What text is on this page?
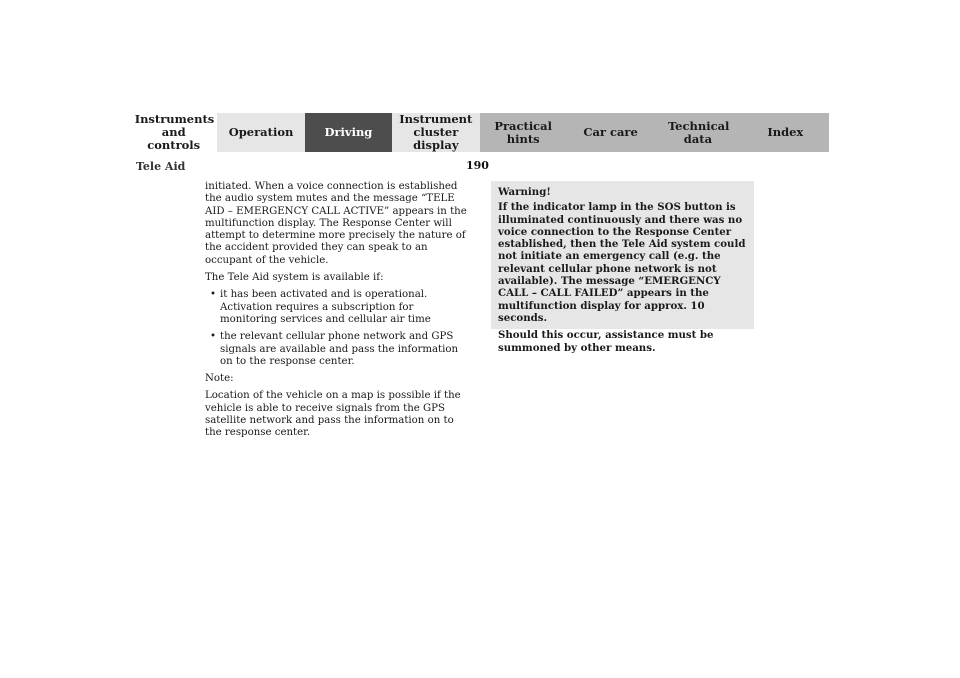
Instruments and controls
Operation	Driving
Instrument cluster display
Practical hints	Car care	Technical data	Index
Tele Aid	190

initiated. When a voice connection is established the audio system mutes and the message “TELE AID – EMERGENCY CALL ACTIVE” appears in the multifunction display. The Response Center will attempt to determine more precisely the nature of the accident provided they can speak to an occupant of the vehicle.

The Tele Aid system is available if:

• it has been activated and is operational. Activation requires a subscription for monitoring services and cellular air time
• the relevant cellular phone network and GPS signals are available and pass the information on to the response center.

Note:

Location of the vehicle on a map is possible if the vehicle is able to receive signals from the GPS satellite network and pass the information on to the response center.

Warning!

If the indicator lamp in the SOS button is illuminated continuously and there was no voice connection to the Response Center established, then the Tele Aid system could not initiate an emergency call (e.g. the relevant cellular phone network is not available). The message “EMERGENCY CALL – CALL FAILED” appears in the multifunction display for approx. 10 seconds.

Should this occur, assistance must be summoned by other means.
